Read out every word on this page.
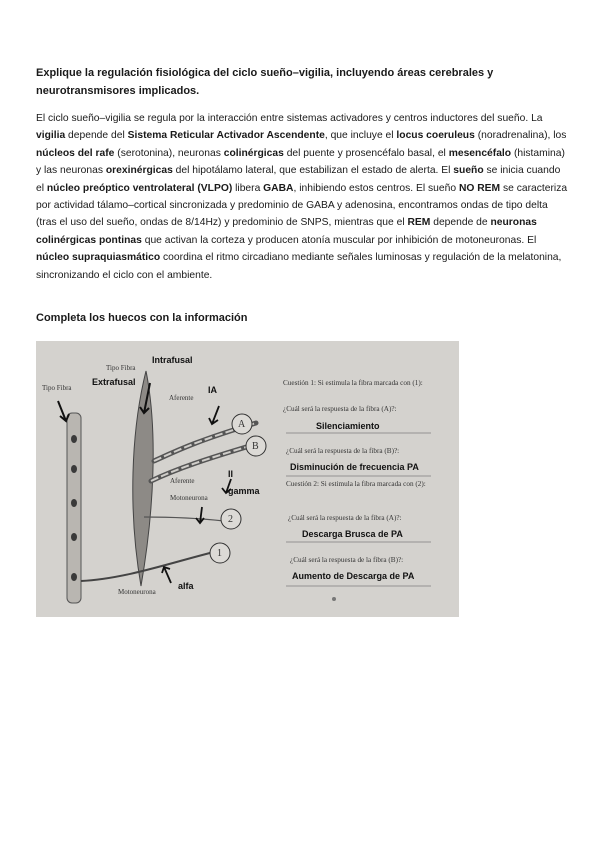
Explique la regulación fisiológica del ciclo sueño–vigilia, incluyendo áreas cerebrales y neurotransmisores implicados.
El ciclo sueño–vigilia se regula por la interacción entre sistemas activadores y centros inductores del sueño. La vigilia depende del Sistema Reticular Activador Ascendente, que incluye el locus coeruleus (noradrenalina), los núcleos del rafe (serotonina), neuronas colinérgicas del puente y prosencéfalo basal, el mesencéfalo (histamina) y las neuronas orexinérgicas del hipotálamo lateral, que estabilizan el estado de alerta. El sueño se inicia cuando el núcleo preóptico ventrolateral (VLPO) libera GABA, inhibiendo estos centros. El sueño NO REM se caracteriza por actividad tálamo–cortical sincronizada y predominio de GABA y adenosina, encontramos ondas de tipo delta (tras el uso del sueño, ondas de 8/14Hz) y predominio de SNPS, mientras que el REM depende de neuronas colinérgicas pontinas que activan la corteza y producen atonía muscular por inhibición de motoneuronas. El núcleo supraquiasmático coordina el ritmo circadiano mediante señales luminosas y regulación de la melatonina, sincronizando el ciclo con el ambiente.
Completa los huecos con la información
Tipo Fibra
Intrafusal
Tipo Fibra
Extrafusal
Aferente
IA
Aferente
II
Motoneurona
gamma
Motoneurona
alfa
A
B
2
1
Cuestión 1: Si estimula la fibra marcada con (1):
¿Cuál será la respuesta de la fibra (A)?:
Silenciamiento
¿Cuál será la respuesta de la fibra (B)?:
Disminución de frecuencia PA
Cuestión 2: Si estimula la fibra marcada con (2):
¿Cuál será la respuesta de la fibra (A)?:
Descarga Brusca de PA
¿Cuál será la respuesta de la fibra (B)?:
Aumento de Descarga de PA
